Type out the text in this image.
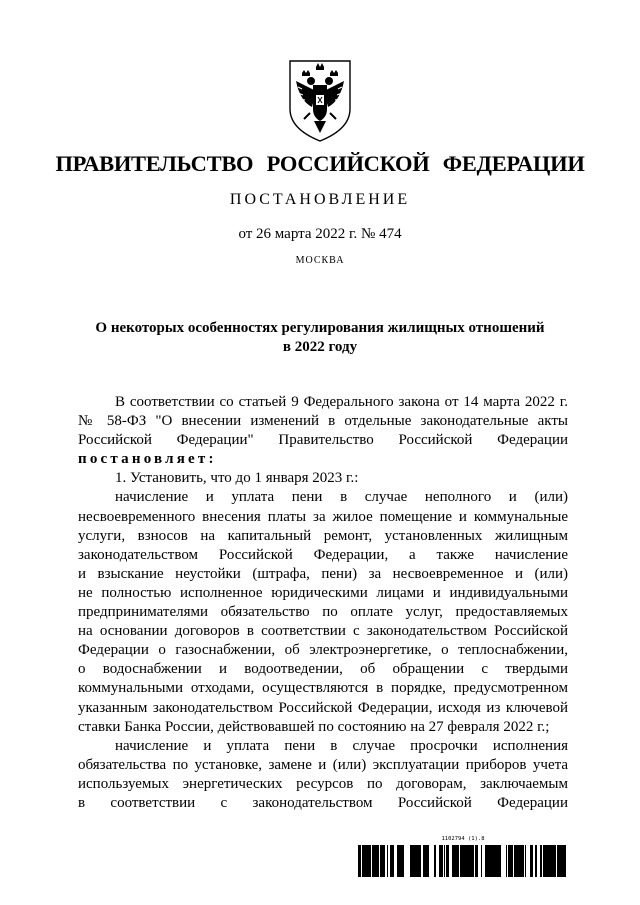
ПРАВИТЕЛЬСТВО РОССИЙСКОЙ ФЕДЕРАЦИИ
ПОСТАНОВЛЕНИЕ
от 26 марта 2022 г. № 474
МОСКВА
О некоторых особенностях регулирования жилищных отношений
в 2022 году
В соответствии со статьей 9 Федерального закона от 14 марта 2022 г.
№ 58-ФЗ "О внесении изменений в отдельные законодательные акты
Российской Федерации" Правительство Российской Федерации
постановляет:
1. Установить, что до 1 января 2023 г.:
начисление и уплата пени в случае неполного и (или)
несвоевременного внесения платы за жилое помещение и коммунальные
услуги, взносов на капитальный ремонт, установленных жилищным
законодательством Российской Федерации, а также начисление
и взыскание неустойки (штрафа, пени) за несвоевременное и (или)
не полностью исполненное юридическими лицами и индивидуальными
предпринимателями обязательство по оплате услуг, предоставляемых
на основании договоров в соответствии с законодательством Российской
Федерации о газоснабжении, об электроэнергетике, о теплоснабжении,
о водоснабжении и водоотведении, об обращении с твердыми
коммунальными отходами, осуществляются в порядке, предусмотренном
указанным законодательством Российской Федерации, исходя из ключевой
ставки Банка России, действовавшей по состоянию на 27 февраля 2022 г.;
начисление и уплата пени в случае просрочки исполнения
обязательства по установке, замене и (или) эксплуатации приборов учета
используемых энергетических ресурсов по договорам, заключаемым
в соответствии с законодательством Российской Федерации
1102794 (1).8
